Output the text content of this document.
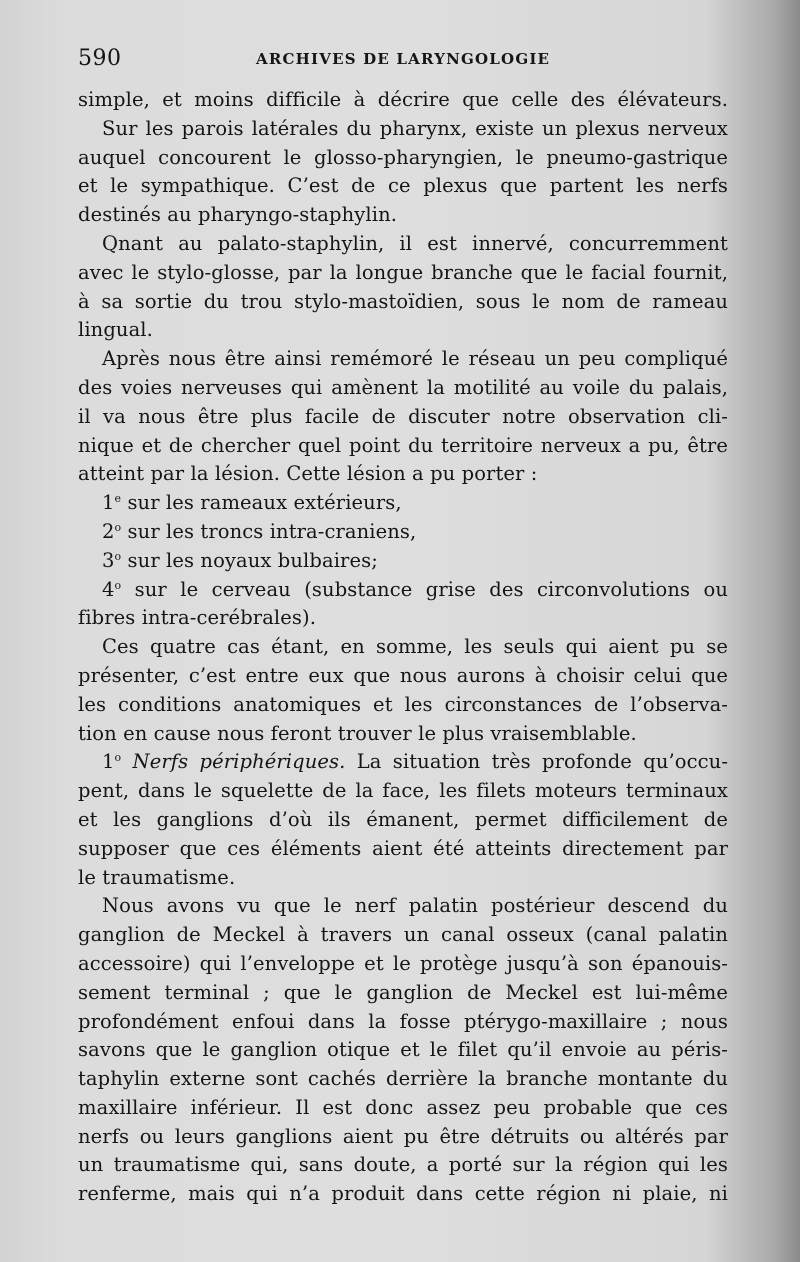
590	ARCHIVES DE LARYNGOLOGIE
simple, et moins difficile à décrire que celle des élévateurs.
Sur les parois latérales du pharynx, existe un plexus nerveux
auquel concourent le glosso-pharyngien, le pneumo-gastrique
et le sympathique. C’est de ce plexus que partent les nerfs
destinés au pharyngo-staphylin.
Qnant au palato-staphylin, il est innervé, concurremment
avec le stylo-glosse, par la longue branche que le facial fournit,
à sa sortie du trou stylo-mastoïdien, sous le nom de rameau
lingual.
Après nous être ainsi remémoré le réseau un peu compliqué
des voies nerveuses qui amènent la motilité au voile du palais,
il va nous être plus facile de discuter notre observation cli-
nique et de chercher quel point du territoire nerveux a pu, être
atteint par la lésion. Cette lésion a pu porter :
1e sur les rameaux extérieurs,
2$^o$ sur les troncs intra-craniens,
3$^o$ sur les noyaux bulbaires;
4$^o$ sur le cerveau (substance grise des circonvolutions ou
fibres intra-cerébrales).
Ces quatre cas étant, en somme, les seuls qui aient pu se
présenter, c’est entre eux que nous aurons à choisir celui que
les conditions anatomiques et les circonstances de l’observa-
tion en cause nous feront trouver le plus vraisemblable.
1$^o$ Nerfs périphériques. La situation très profonde qu’occu-
pent, dans le squelette de la face, les filets moteurs terminaux
et les ganglions d’où ils émanent, permet difficilement de
supposer que ces éléments aient été atteints directement par
le traumatisme.
Nous avons vu que le nerf palatin postérieur descend du
ganglion de Meckel à travers un canal osseux (canal palatin
accessoire) qui l’enveloppe et le protège jusqu’à son épanouis-
sement terminal ; que le ganglion de Meckel est lui-même
profondément enfoui dans la fosse ptérygo-maxillaire ; nous
savons que le ganglion otique et le filet qu’il envoie au péris-
taphylin externe sont cachés derrière la branche montante du
maxillaire inférieur. Il est donc assez peu probable que ces
nerfs ou leurs ganglions aient pu être détruits ou altérés par
un traumatisme qui, sans doute, a porté sur la région qui les
renferme, mais qui n’a produit dans cette région ni plaie, ni
